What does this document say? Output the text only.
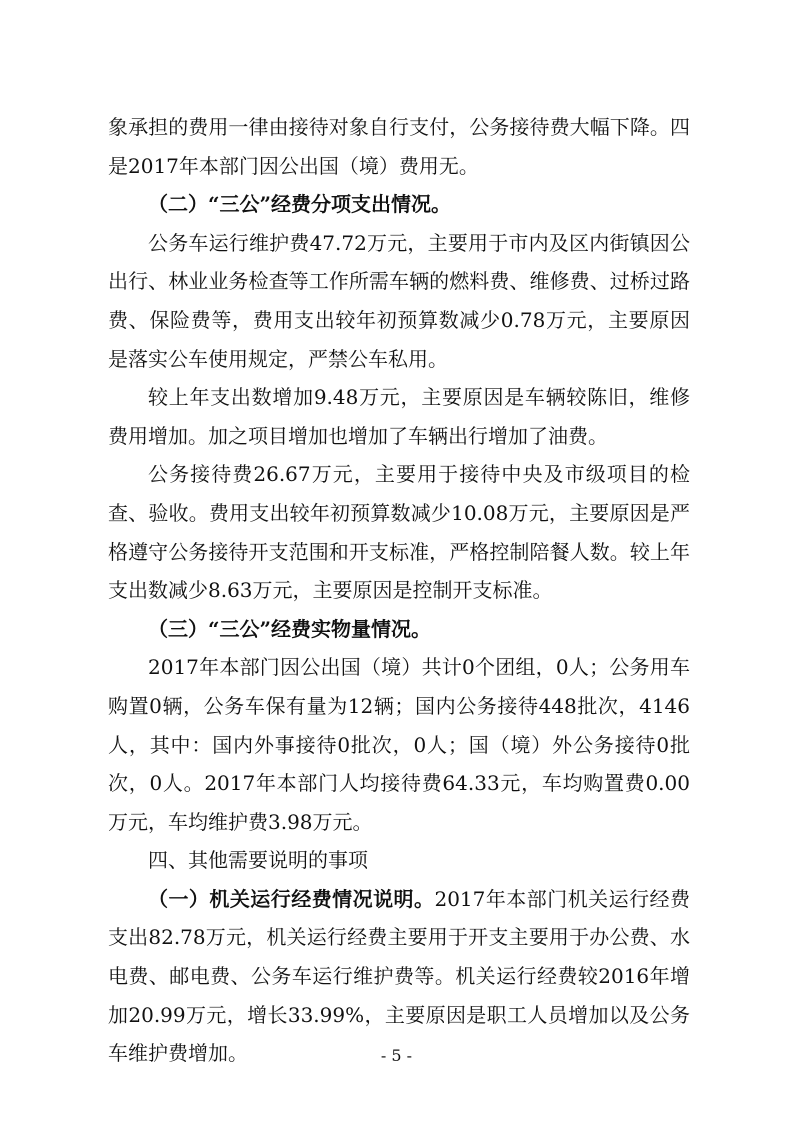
象承担的费用一律由接待对象自行支付，公务接待费大幅下降。四是2017年本部门因公出国（境）费用无。

（二）“三公”经费分项支出情况。

公务车运行维护费47.72万元，主要用于市内及区内街镇因公出行、林业业务检查等工作所需车辆的燃料费、维修费、过桥过路费、保险费等，费用支出较年初预算数减少0.78万元，主要原因是落实公车使用规定，严禁公车私用。

较上年支出数增加9.48万元，主要原因是车辆较陈旧，维修费用增加。加之项目增加也增加了车辆出行增加了油费。

公务接待费26.67万元，主要用于接待中央及市级项目的检查、验收。费用支出较年初预算数减少10.08万元，主要原因是严格遵守公务接待开支范围和开支标准，严格控制陪餐人数。较上年支出数减少8.63万元，主要原因是控制开支标准。

（三）“三公”经费实物量情况。

2017年本部门因公出国（境）共计0个团组，0人；公务用车购置0辆，公务车保有量为12辆；国内公务接待448批次，4146人，其中：国内外事接待0批次，0人；国（境）外公务接待0批次，0人。2017年本部门人均接待费64.33元，车均购置费0.00万元，车均维护费3.98万元。

四、其他需要说明的事项

（一）机关运行经费情况说明。2017年本部门机关运行经费支出82.78万元，机关运行经费主要用于开支主要用于办公费、水电费、邮电费、公务车运行维护费等。机关运行经费较2016年增加20.99万元，增长33.99%，主要原因是职工人员增加以及公务车维护费增加。	- 5 -
